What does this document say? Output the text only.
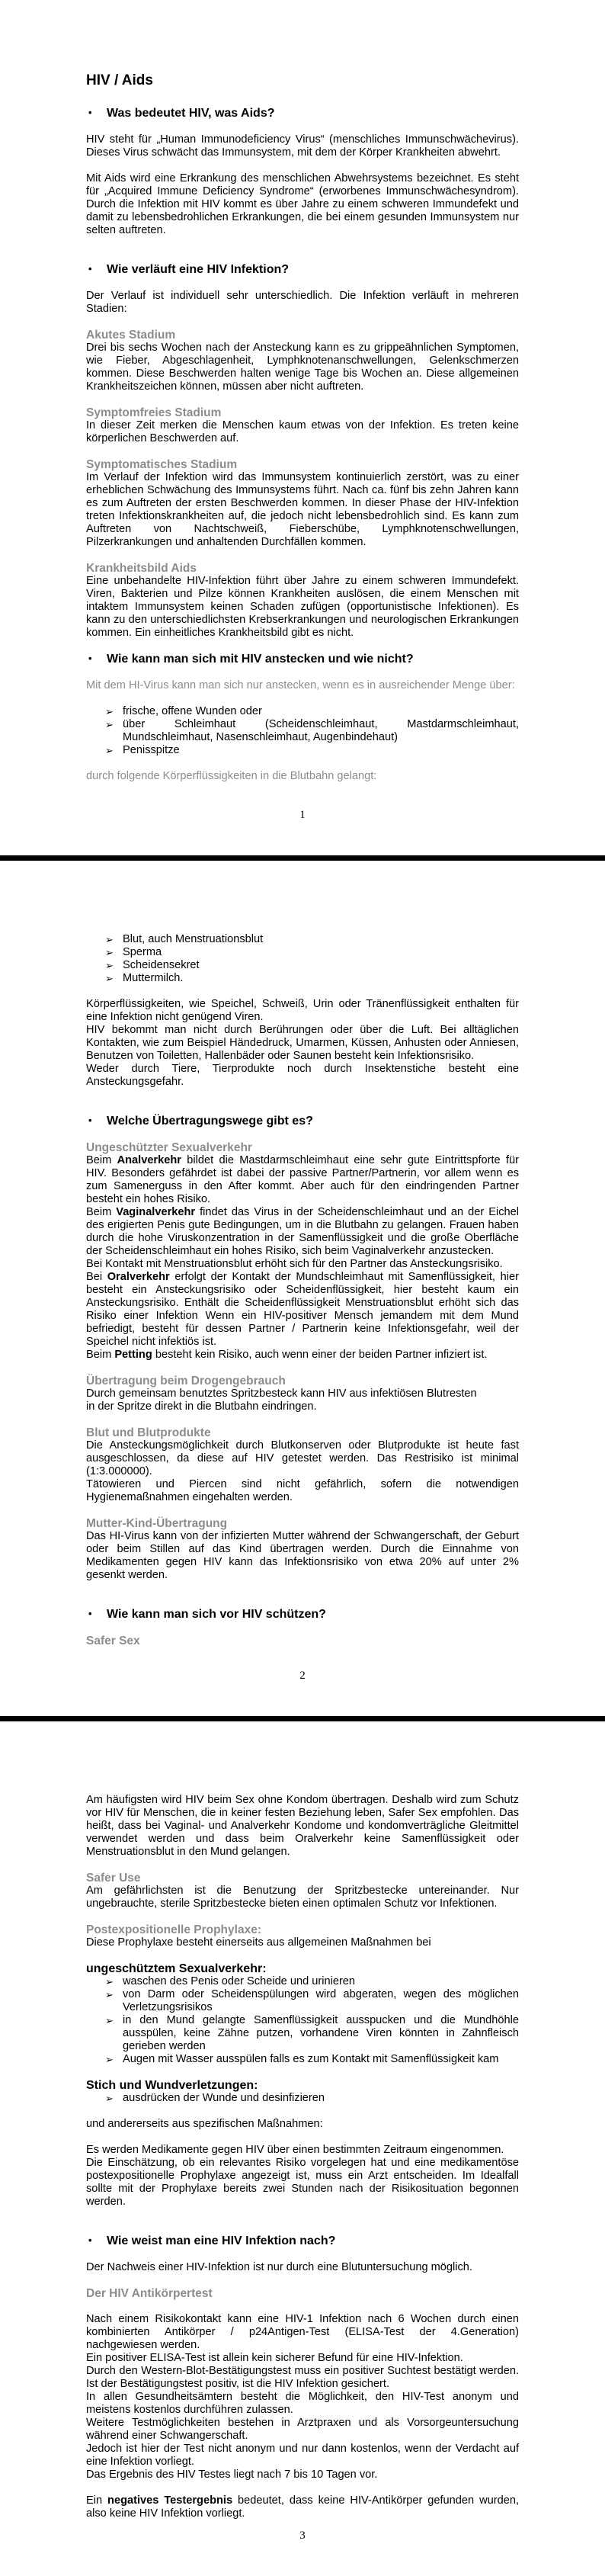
HIV / Aids
• Was bedeutet HIV, was Aids?

HIV steht für „Human Immunodeficiency Virus“ (menschliches Immunschwächevirus). Dieses Virus schwächt das Immunsystem, mit dem der Körper Krankheiten abwehrt.

Mit Aids wird eine Erkrankung des menschlichen Abwehrsystems bezeichnet. Es steht für „Acquired Immune Deficiency Syndrome“ (erworbenes Immunschwächesyndrom). Durch die Infektion mit HIV kommt es über Jahre zu einem schweren Immundefekt und damit zu lebensbedrohlichen Erkrankungen, die bei einem gesunden Immunsystem nur selten auftreten.

• Wie verläuft eine HIV Infektion?

Der Verlauf ist individuell sehr unterschiedlich. Die Infektion verläuft in mehreren Stadien:

Akutes Stadium

Drei bis sechs Wochen nach der Ansteckung kann es zu grippeähnlichen Symptomen, wie Fieber, Abgeschlagenheit, Lymphknotenanschwellungen, Gelenkschmerzen kommen. Diese Beschwerden halten wenige Tage bis Wochen an. Diese allgemeinen Krankheitszeichen können, müssen aber nicht auftreten.

Symptomfreies Stadium

In dieser Zeit merken die Menschen kaum etwas von der Infektion. Es treten keine körperlichen Beschwerden auf.

Symptomatisches Stadium

Im Verlauf der Infektion wird das Immunsystem kontinuierlich zerstört, was zu einer erheblichen Schwächung des Immunsystems führt. Nach ca. fünf bis zehn Jahren kann es zum Auftreten der ersten Beschwerden kommen. In dieser Phase der HIV-Infektion treten Infektionskrankheiten auf, die jedoch nicht lebensbedrohlich sind. Es kann zum Auftreten von Nachtschweiß, Fieberschübe, Lymphknotenschwellungen, Pilzerkrankungen und anhaltenden Durchfällen kommen.

Krankheitsbild Aids

Eine unbehandelte HIV-Infektion führt über Jahre zu einem schweren Immundefekt. Viren, Bakterien und Pilze können Krankheiten auslösen, die einem Menschen mit intaktem Immunsystem keinen Schaden zufügen (opportunistische Infektionen). Es kann zu den unterschiedlichsten Krebserkrankungen und neurologischen Erkrankungen kommen. Ein einheitliches Krankheitsbild gibt es nicht.

• Wie kann man sich mit HIV anstecken und wie nicht?

Mit dem HI-Virus kann man sich nur anstecken, wenn es in ausreichender Menge über:

➢ frische, offene Wunden oder
➢ über Schleimhaut (Scheidenschleimhaut, Mastdarmschleimhaut, Mundschleimhaut, Nasenschleimhaut, Augenbindehaut)
➢ Penisspitze

durch folgende Körperflüssigkeiten in die Blutbahn gelangt:

1
➢ Blut, auch Menstruationsblut
➢ Sperma
➢ Scheidensekret
➢ Muttermilch.

Körperflüssigkeiten, wie Speichel, Schweiß, Urin oder Tränenflüssigkeit enthalten für eine Infektion nicht genügend Viren.

HIV bekommt man nicht durch Berührungen oder über die Luft. Bei alltäglichen Kontakten, wie zum Beispiel Händedruck, Umarmen, Küssen, Anhusten oder Anniesen, Benutzen von Toiletten, Hallenbäder oder Saunen besteht kein Infektionsrisiko.

Weder durch Tiere, Tierprodukte noch durch Insektenstiche besteht eine Ansteckungsgefahr.

• Welche Übertragungswege gibt es?
Ungeschützter Sexualverkehr

Beim Analverkehr bildet die Mastdarmschleimhaut eine sehr gute Eintrittspforte für HIV. Besonders gefährdet ist dabei der passive Partner/Partnerin, vor allem wenn es zum Samenerguss in den After kommt. Aber auch für den eindringenden Partner besteht ein hohes Risiko.

Beim Vaginalverkehr findet das Virus in der Scheidenschleimhaut und an der Eichel des erigierten Penis gute Bedingungen, um in die Blutbahn zu gelangen. Frauen haben durch die hohe Viruskonzentration in der Samenflüssigkeit und die große Oberfläche der Scheidenschleimhaut ein hohes Risiko, sich beim Vaginalverkehr anzustecken.

Bei Kontakt mit Menstruationsblut erhöht sich für den Partner das Ansteckungsrisiko.

Bei Oralverkehr erfolgt der Kontakt der Mundschleimhaut mit Samenflüssigkeit, hier besteht ein Ansteckungsrisiko oder Scheidenflüssigkeit, hier besteht kaum ein Ansteckungsrisiko. Enthält die Scheidenflüssigkeit Menstruationsblut erhöht sich das Risiko einer Infektion Wenn ein HIV-positiver Mensch jemandem mit dem Mund befriedigt, besteht für dessen Partner / Partnerin keine Infektionsgefahr, weil der Speichel nicht infektiös ist.

Beim Petting besteht kein Risiko, auch wenn einer der beiden Partner infiziert ist.

Übertragung beim Drogengebrauch

Durch gemeinsam benutztes Spritzbesteck kann HIV aus infektiösen Blutresten
in der Spritze direkt in die Blutbahn eindringen.

Blut und Blutprodukte

Die Ansteckungsmöglichkeit durch Blutkonserven oder Blutprodukte ist heute fast ausgeschlossen, da diese auf HIV getestet werden. Das Restrisiko ist minimal (1:3.000000).

Tätowieren und Piercen sind nicht gefährlich, sofern die notwendigen Hygienemaßnahmen eingehalten werden.

Mutter-Kind-Übertragung

Das HI-Virus kann von der infizierten Mutter während der Schwangerschaft, der Geburt oder beim Stillen auf das Kind übertragen werden. Durch die Einnahme von Medikamenten gegen HIV kann das Infektionsrisiko von etwa 20% auf unter 2% gesenkt werden.

• Wie kann man sich vor HIV schützen?
Safer Sex
2

Am häufigsten wird HIV beim Sex ohne Kondom übertragen. Deshalb wird zum Schutz vor HIV für Menschen, die in keiner festen Beziehung leben, Safer Sex empfohlen. Das heißt, dass bei Vaginal- und Analverkehr Kondome und kondomverträgliche Gleitmittel verwendet werden und dass beim Oralverkehr keine Samenflüssigkeit oder Menstruationsblut in den Mund gelangen.

Safer Use

Am gefährlichsten ist die Benutzung der Spritzbestecke untereinander. Nur ungebrauchte, sterile Spritzbestecke bieten einen optimalen Schutz vor Infektionen.

Postexpositionelle Prophylaxe:

Diese Prophylaxe besteht einerseits aus allgemeinen Maßnahmen bei

ungeschütztem Sexualverkehr:
➢ waschen des Penis oder Scheide und urinieren
➢ von Darm oder Scheidenspülungen wird abgeraten, wegen des möglichen Verletzungsrisikos
➢ in den Mund gelangte Samenflüssigkeit ausspucken und die Mundhöhle ausspülen, keine Zähne putzen, vorhandene Viren könnten in Zahnfleisch gerieben werden
➢ Augen mit Wasser ausspülen falls es zum Kontakt mit Samenflüssigkeit kam
Stich und Wundverletzungen:
➢ ausdrücken der Wunde und desinfizieren

und andererseits aus spezifischen Maßnahmen:

Es werden Medikamente gegen HIV über einen bestimmten Zeitraum eingenommen.

Die Einschätzung, ob ein relevantes Risiko vorgelegen hat und eine medikamentöse postexpositionelle Prophylaxe angezeigt ist, muss ein Arzt entscheiden. Im Idealfall sollte mit der Prophylaxe bereits zwei Stunden nach der Risikosituation begonnen werden.

• Wie weist man eine HIV Infektion nach?

Der Nachweis einer HIV-Infektion ist nur durch eine Blutuntersuchung möglich.

Der HIV Antikörpertest

Nach einem Risikokontakt kann eine HIV-1 Infektion nach 6 Wochen durch einen kombinierten Antikörper / p24Antigen-Test (ELISA-Test der 4.Generation) nachgewiesen werden.

Ein positiver ELISA-Test ist allein kein sicherer Befund für eine HIV-Infektion.

Durch den Western-Blot-Bestätigungstest muss ein positiver Suchtest bestätigt werden. Ist der Bestätigungstest positiv, ist die HIV Infektion gesichert.

In allen Gesundheitsämtern besteht die Möglichkeit, den HIV-Test anonym und meistens kostenlos durchführen zulassen.

Weitere Testmöglichkeiten bestehen in Arztpraxen und als Vorsorgeuntersuchung während einer Schwangerschaft.

Jedoch ist hier der Test nicht anonym und nur dann kostenlos, wenn der Verdacht auf eine Infektion vorliegt.

Das Ergebnis des HIV Testes liegt nach 7 bis 10 Tagen vor.

Ein negatives Testergebnis bedeutet, dass keine HIV-Antikörper gefunden wurden, also keine HIV Infektion vorliegt.

3
